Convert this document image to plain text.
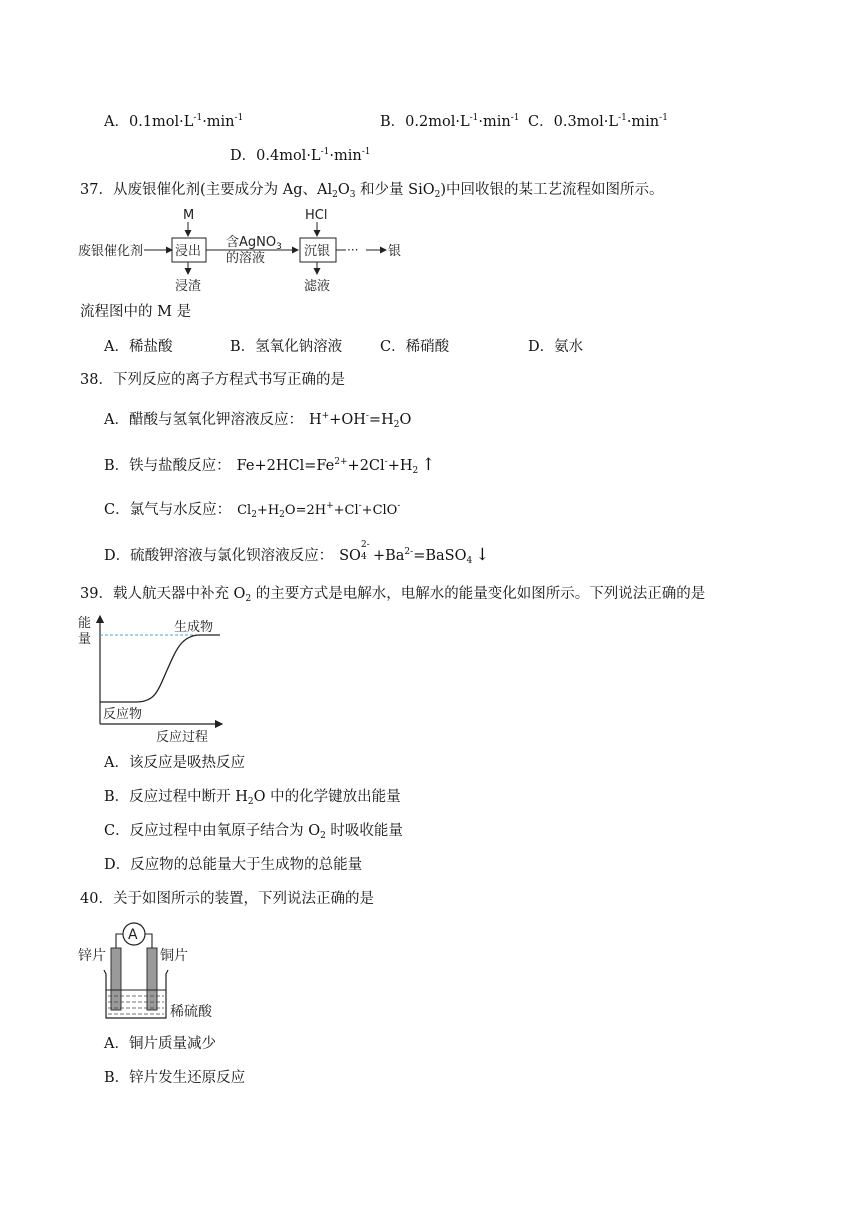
A．$0.1mol\cdot L^{-1}\cdot\min^{-1}$	B．$0.2mol\cdot L^{-1}\cdot\min^{-1}$ C．$0.3mol\cdot L^{-1}\cdot\min^{-1}$
D．$0.4mol\cdot L^{-1}\cdot\min^{-1}$
37．从废银催化剂(主要成分为 Ag、$Al_2O_3$ 和少量 SiO$_2$)中回收银的某工艺流程如图所示。
废银催化剂
M
浸出
浸渣
含AgNO$_3$
的溶液
HCl
沉银
滤液
··· 银
流程图中的 M 是
A．稀盐酸	B．氢氧化钠溶液	C．稀硝酸	D．氨水
38．下列反应的离子方程式书写正确的是
A．醋酸与氢氧化钾溶液反应： $H^++OH^-=H_2O$
B．铁与盐酸反应： $Fe+2HCl=Fe^{2+}+2Cl^-+H_2$ ↑
C．氯气与水反应： $Cl_2+H_2O=2H^++Cl^-+ClO^-$
D．硫酸钾溶液与氯化钡溶液反应： SO
2-
$4 +Ba^{2-}=BaSO_4$ ↓
39．载人航天器中补充 $O_2$ 的主要方式是电解水，电解水的能量变化如图所示。下列说法正确的是
能
量
生成物
反应物
反应过程
A．该反应是吸热反应
B．反应过程中断开 $H_2O$ 中的化学键放出能量
C．反应过程中由氧原子结合为 $O_2$ 时吸收能量
D．反应物的总能量大于生成物的总能量
40．关于如图所示的装置，下列说法正确的是
A
锌片	铜片
稀硫酸
A．铜片质量减少
B．锌片发生还原反应
